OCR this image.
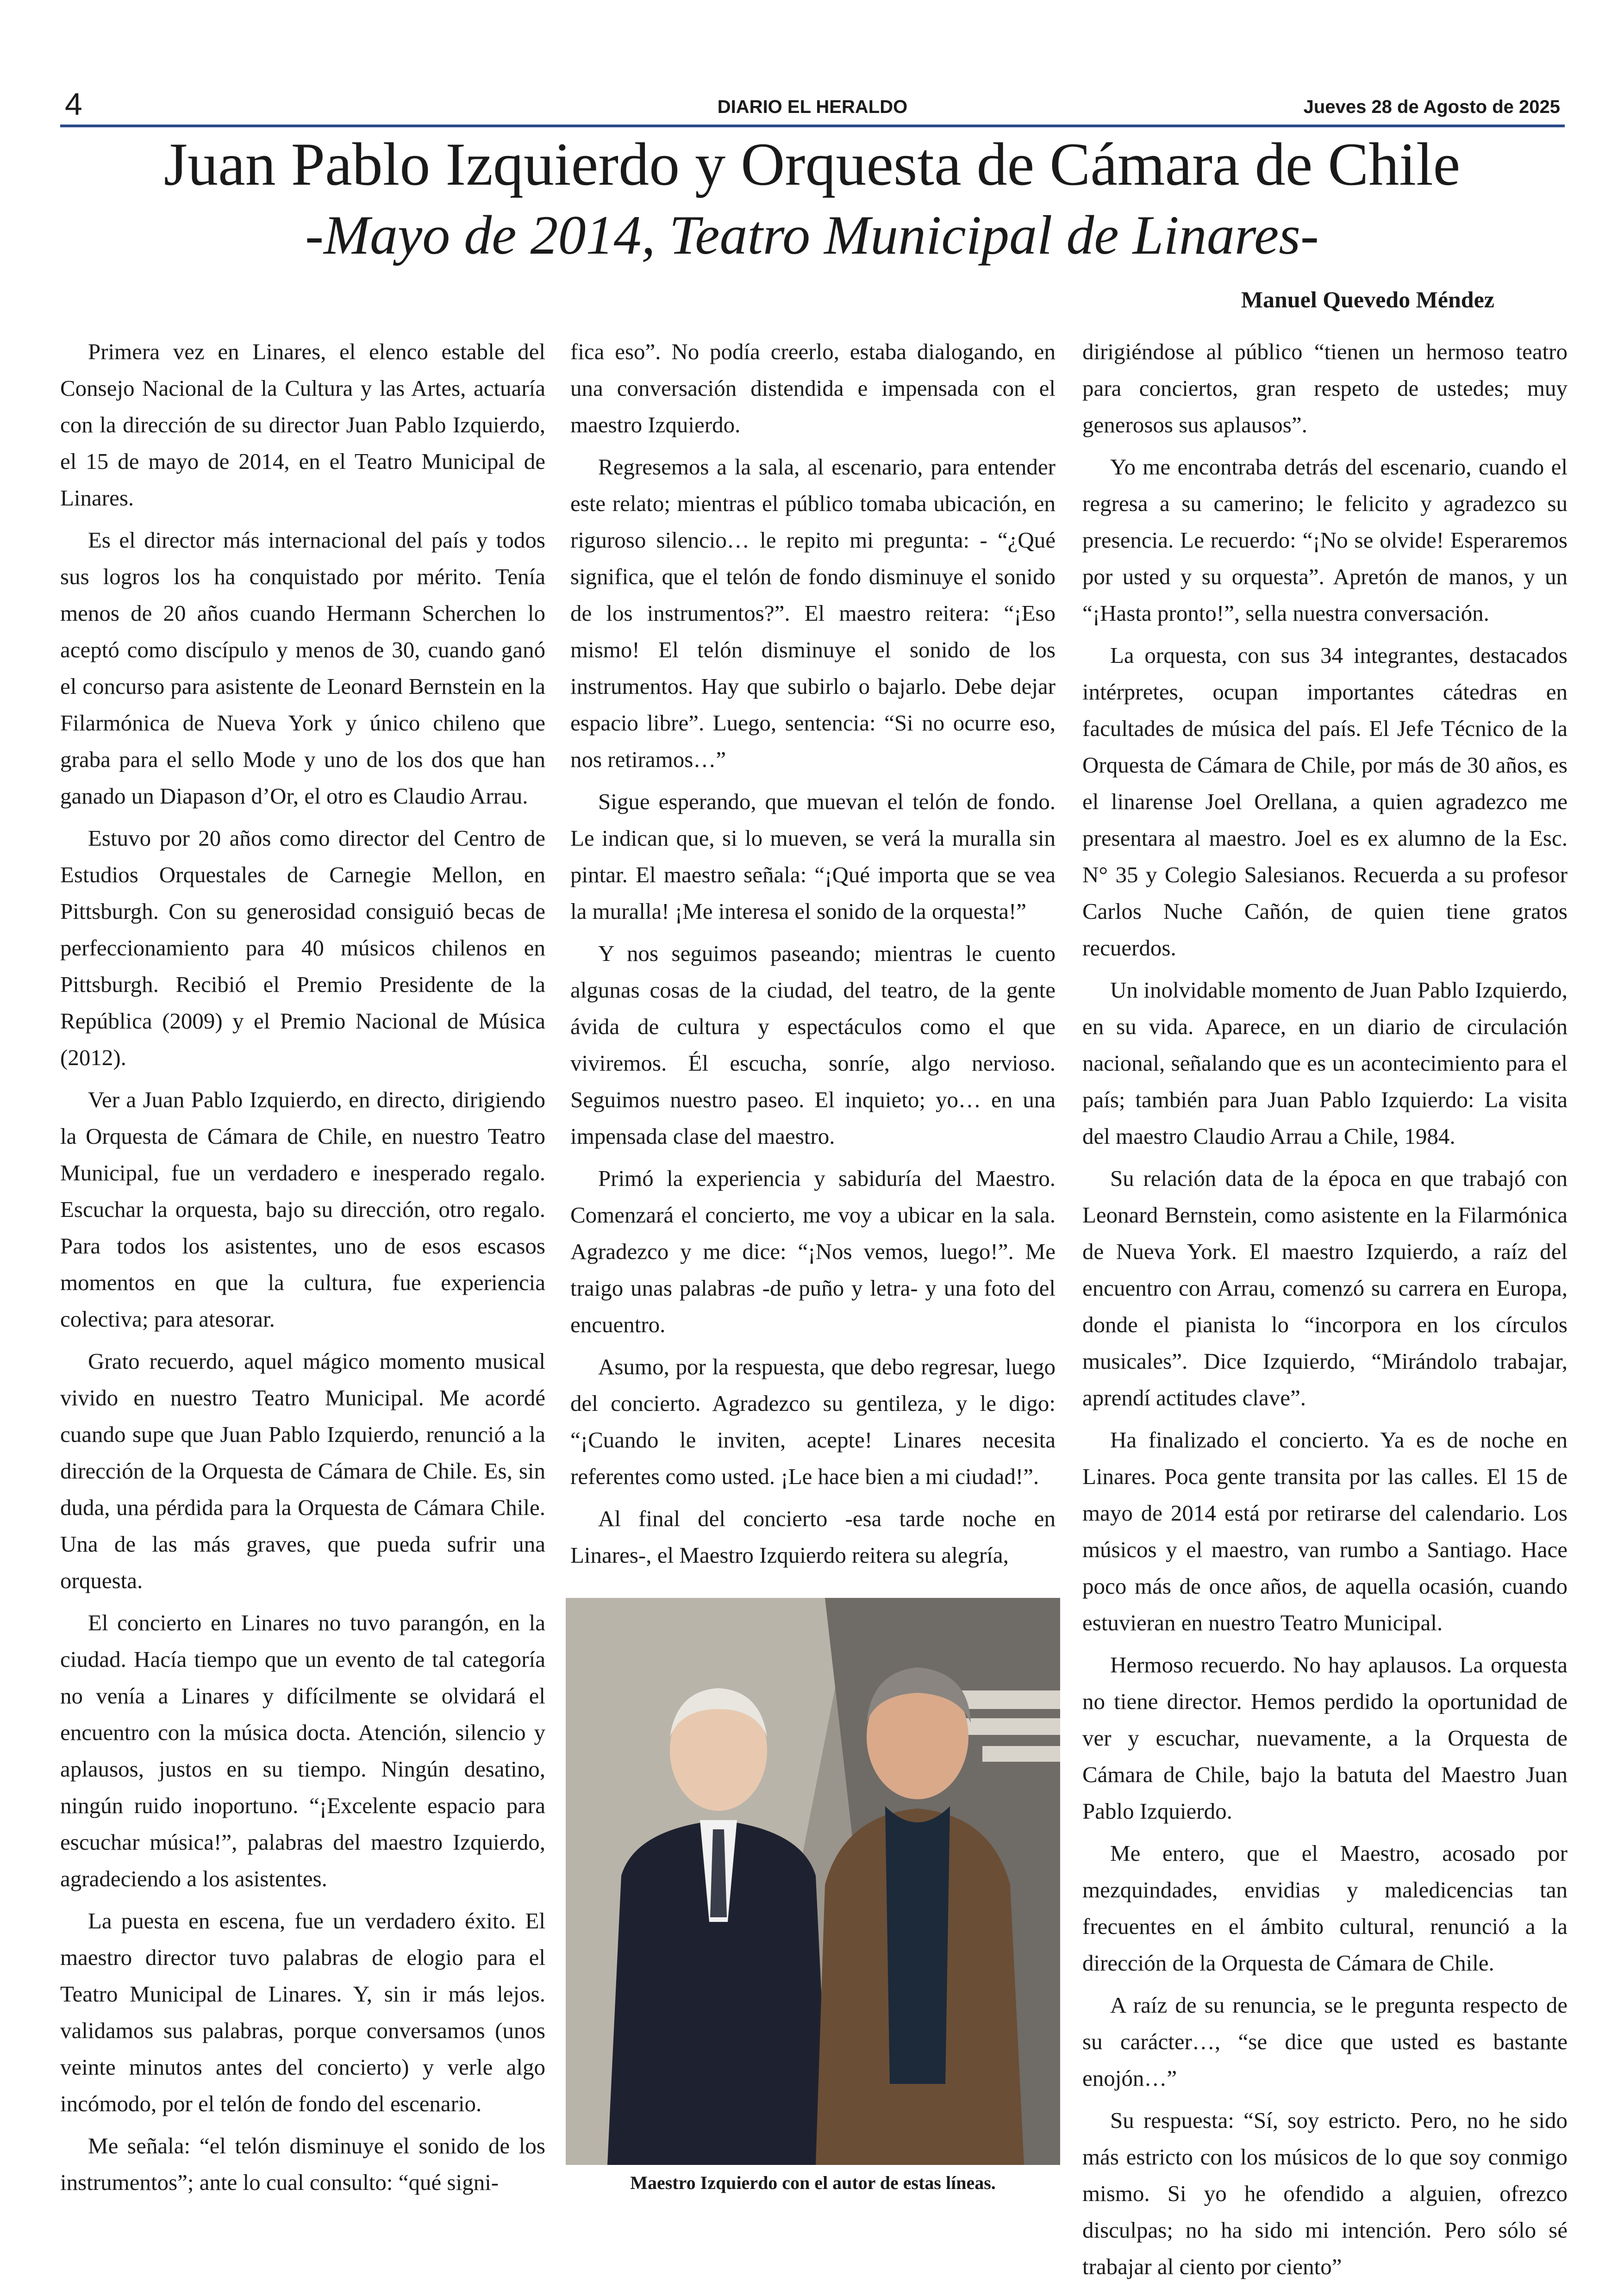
4	DIARIO EL HERALDO	Jueves 28 de Agosto de 2025
Juan Pablo Izquierdo y Orquesta de Cámara de Chile
-Mayo de 2014, Teatro Municipal de Linares-
Manuel Quevedo Méndez

Primera vez en Linares, el elenco estable del Consejo Nacional de la Cultura y las Artes, actuaría con la dirección de su director Juan Pablo Izquierdo, el 15 de mayo de 2014, en el Teatro Municipal de Linares.

Es el director más internacional del país y todos sus logros los ha conquistado por mérito. Tenía menos de 20 años cuando Hermann Scherchen lo aceptó como discípulo y menos de 30, cuando ganó el concurso para asistente de Leonard Bernstein en la Filarmónica de Nueva York y único chileno que graba para el sello Mode y uno de los dos que han ganado un Diapason d’Or, el otro es Claudio Arrau.

Estuvo por 20 años como director del Centro de Estudios Orquestales de Carnegie Mellon, en Pittsburgh. Con su generosidad consiguió becas de perfeccionamiento para 40 músicos chilenos en Pittsburgh. Recibió el Premio Presidente de la República (2009) y el Premio Nacional de Música (2012).

Ver a Juan Pablo Izquierdo, en directo, dirigiendo la Orquesta de Cámara de Chile, en nuestro Teatro Municipal, fue un verdadero e inesperado regalo. Escuchar la orquesta, bajo su dirección, otro regalo. Para todos los asistentes, uno de esos escasos momentos en que la cultura, fue experiencia colectiva; para atesorar.

Grato recuerdo, aquel mágico momento musical vivido en nuestro Teatro Municipal. Me acordé cuando supe que Juan Pablo Izquierdo, renunció a la dirección de la Orquesta de Cámara de Chile. Es, sin duda, una pérdida para la Orquesta de Cámara Chile. Una de las más graves, que pueda sufrir una orquesta.

El concierto en Linares no tuvo parangón, en la ciudad. Hacía tiempo que un evento de tal categoría no venía a Linares y difícilmente se olvidará el encuentro con la música docta. Atención, silencio y aplausos, justos en su tiempo. Ningún desatino, ningún ruido inoportuno. “¡Excelente espacio para escuchar música!”, palabras del maestro Izquierdo, agradeciendo a los asistentes.

La puesta en escena, fue un verdadero éxito. El maestro director tuvo palabras de elogio para el Teatro Municipal de Linares. Y, sin ir más lejos. validamos sus palabras, porque conversamos (unos veinte minutos antes del concierto) y verle algo incómodo, por el telón de fondo del escenario.

Me señala: “el telón disminuye el sonido de los instrumentos”; ante lo cual consulto: “qué signi-

fica eso”. No podía creerlo, estaba dialogando, en una conversación distendida e impensada con el maestro Izquierdo.

Regresemos a la sala, al escenario, para entender este relato; mientras el público tomaba ubicación, en riguroso silencio… le repito mi pregunta: - “¿Qué significa, que el telón de fondo disminuye el sonido de los instrumentos?”. El maestro reitera: “¡Eso mismo! El telón disminuye el sonido de los instrumentos. Hay que subirlo o bajarlo. Debe dejar espacio libre”. Luego, sentencia: “Si no ocurre eso, nos retiramos…”

Sigue esperando, que muevan el telón de fondo. Le indican que, si lo mueven, se verá la muralla sin pintar. El maestro señala: “¡Qué importa que se vea la muralla! ¡Me interesa el sonido de la orquesta!”

Y nos seguimos paseando; mientras le cuento algunas cosas de la ciudad, del teatro, de la gente ávida de cultura y espectáculos como el que viviremos. Él escucha, sonríe, algo nervioso. Seguimos nuestro paseo. El inquieto; yo… en una impensada clase del maestro.

Primó la experiencia y sabiduría del Maestro. Comenzará el concierto, me voy a ubicar en la sala. Agradezco y me dice: “¡Nos vemos, luego!”. Me traigo unas palabras -de puño y letra- y una foto del encuentro.

Asumo, por la respuesta, que debo regresar, luego del concierto. Agradezco su gentileza, y le digo: “¡Cuando le inviten, acepte! Linares necesita referentes como usted. ¡Le hace bien a mi ciudad!”.

Al final del concierto -esa tarde noche en Linares-, el Maestro Izquierdo reitera su alegría,

dirigiéndose al público “tienen un hermoso teatro para conciertos, gran respeto de ustedes; muy generosos sus aplausos”.

Yo me encontraba detrás del escenario, cuando el regresa a su camerino; le felicito y agradezco su presencia. Le recuerdo: “¡No se olvide! Esperaremos por usted y su orquesta”. Apretón de manos, y un “¡Hasta pronto!”, sella nuestra conversación.

La orquesta, con sus 34 integrantes, destacados intérpretes, ocupan importantes cátedras en facultades de música del país. El Jefe Técnico de la Orquesta de Cámara de Chile, por más de 30 años, es el linarense Joel Orellana, a quien agradezco me presentara al maestro. Joel es ex alumno de la Esc. N° 35 y Colegio Salesianos. Recuerda a su profesor Carlos Nuche Cañón, de quien tiene gratos recuerdos.

Un inolvidable momento de Juan Pablo Izquierdo, en su vida. Aparece, en un diario de circulación nacional, señalando que es un acontecimiento para el país; también para Juan Pablo Izquierdo: La visita del maestro Claudio Arrau a Chile, 1984.

Su relación data de la época en que trabajó con Leonard Bernstein, como asistente en la Filarmónica de Nueva York. El maestro Izquierdo, a raíz del encuentro con Arrau, comenzó su carrera en Europa, donde el pianista lo “incorpora en los círculos musicales”. Dice Izquierdo, “Mirándolo trabajar, aprendí actitudes clave”.

Ha finalizado el concierto. Ya es de noche en Linares. Poca gente transita por las calles. El 15 de mayo de 2014 está por retirarse del calendario. Los músicos y el maestro, van rumbo a Santiago. Hace poco más de once años, de aquella ocasión, cuando estuvieran en nuestro Teatro Municipal.

Hermoso recuerdo. No hay aplausos. La orquesta no tiene director. Hemos perdido la oportunidad de ver y escuchar, nuevamente, a la Orquesta de Cámara de Chile, bajo la batuta del Maestro Juan Pablo Izquierdo.

Me entero, que el Maestro, acosado por mezquindades, envidias y maledicencias tan frecuentes en el ámbito cultural, renunció a la dirección de la Orquesta de Cámara de Chile.

A raíz de su renuncia, se le pregunta respecto de su carácter…, “se dice que usted es bastante enojón…”

Su respuesta: “Sí, soy estricto. Pero, no he sido más estricto con los músicos de lo que soy conmigo mismo. Si yo he ofendido a alguien, ofrezco disculpas; no ha sido mi intención. Pero sólo sé trabajar al ciento por ciento”

Maestro Izquierdo con el autor de estas líneas.
